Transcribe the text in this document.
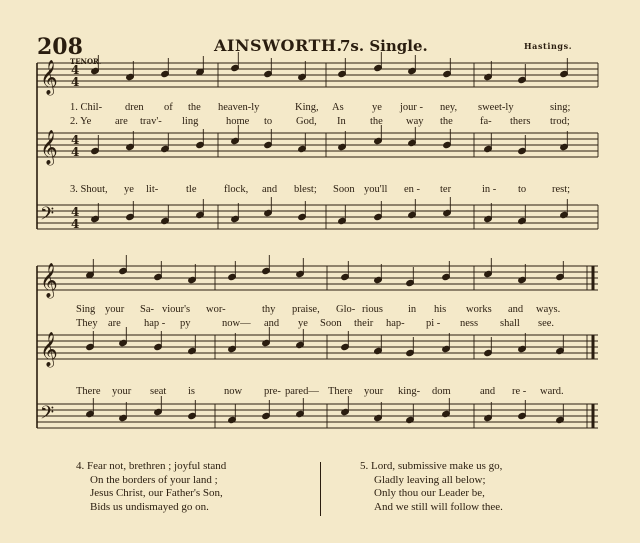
4
4
4
4
4
4
𝄞
𝄞
𝄞
𝄞
𝄢
𝄢
208	AINSWORTH.
7s. Single.	Hastings.
TENOR.
1. Chil- dren of the heaven-ly	King, As	ye jour - ney, sweet-ly	sing;
2. Ye are trav'- ling	home to God, In the way the	fa- thers trod;
3. Shout, ye lit-	tle	flock, and blest; Soon you'll en - ter	in - to rest;
Sing your Sa- viour's wor-	thy praise, Glo- rious in his works and ways.
They are hap - py	now— and ye Soon their hap- pi - ness shall see.
There your seat is	now pre- pared— There your king- dom	and re - ward.
4. Fear not, brethren ; joyful stand
On the borders of your land ;
Jesus Christ, our Father's Son,
Bids us undismayed go on.
5. Lord, submissive make us go,
Gladly leaving all below;
Only thou our Leader be,
And we still will follow thee.
